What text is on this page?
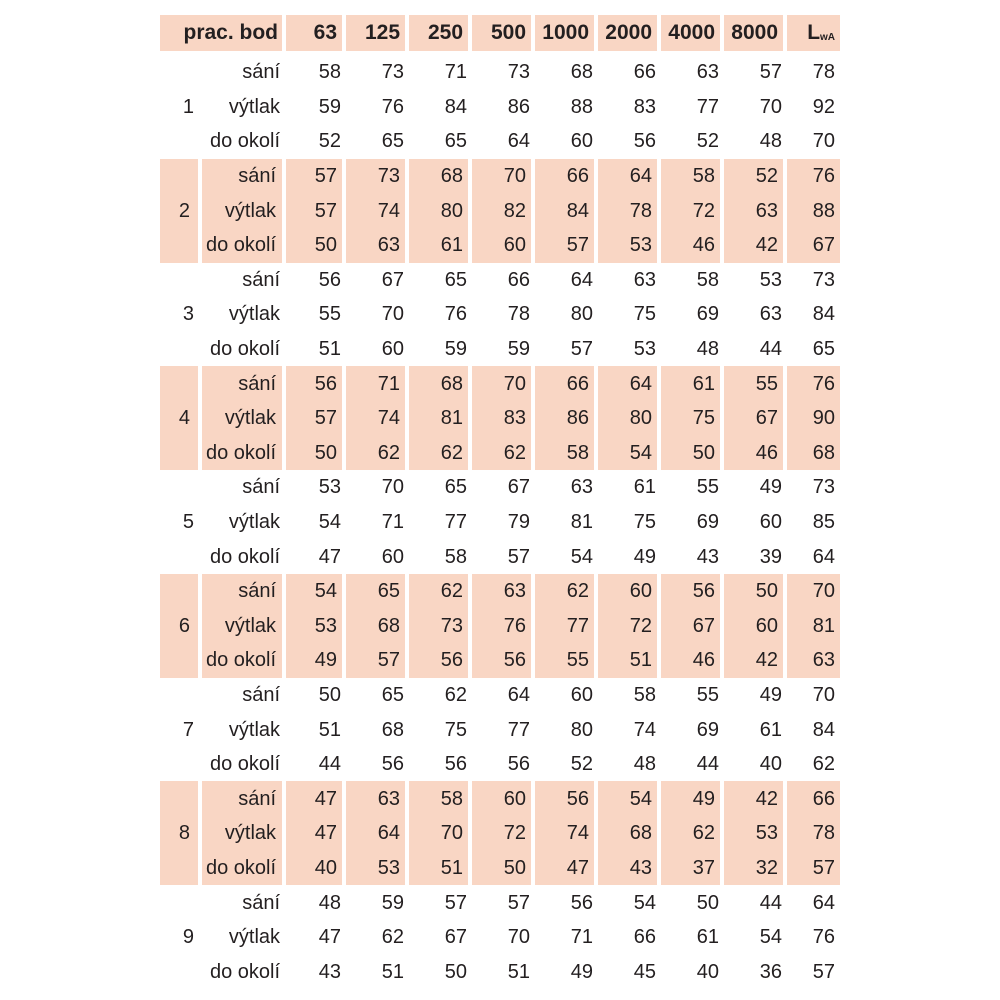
prac. bod		63	125	250	500	1000	2000	4000	8000	LwA
1	sání	58	73	71	73	68	66	63	57	78
	výtlak	59	76	84	86	88	83	77	70	92
	do okolí	52	65	65	64	60	56	52	48	70
2	sání	57	73	68	70	66	64	58	52	76
	výtlak	57	74	80	82	84	78	72	63	88
	do okolí	50	63	61	60	57	53	46	42	67
3	sání	56	67	65	66	64	63	58	53	73
	výtlak	55	70	76	78	80	75	69	63	84
	do okolí	51	60	59	59	57	53	48	44	65
4	sání	56	71	68	70	66	64	61	55	76
	výtlak	57	74	81	83	86	80	75	67	90
	do okolí	50	62	62	62	58	54	50	46	68
5	sání	53	70	65	67	63	61	55	49	73
	výtlak	54	71	77	79	81	75	69	60	85
	do okolí	47	60	58	57	54	49	43	39	64
6	sání	54	65	62	63	62	60	56	50	70
	výtlak	53	68	73	76	77	72	67	60	81
	do okolí	49	57	56	56	55	51	46	42	63
7	sání	50	65	62	64	60	58	55	49	70
	výtlak	51	68	75	77	80	74	69	61	84
	do okolí	44	56	56	56	52	48	44	40	62
8	sání	47	63	58	60	56	54	49	42	66
	výtlak	47	64	70	72	74	68	62	53	78
	do okolí	40	53	51	50	47	43	37	32	57
9	sání	48	59	57	57	56	54	50	44	64
	výtlak	47	62	67	70	71	66	61	54	76
	do okolí	43	51	50	51	49	45	40	36	57
